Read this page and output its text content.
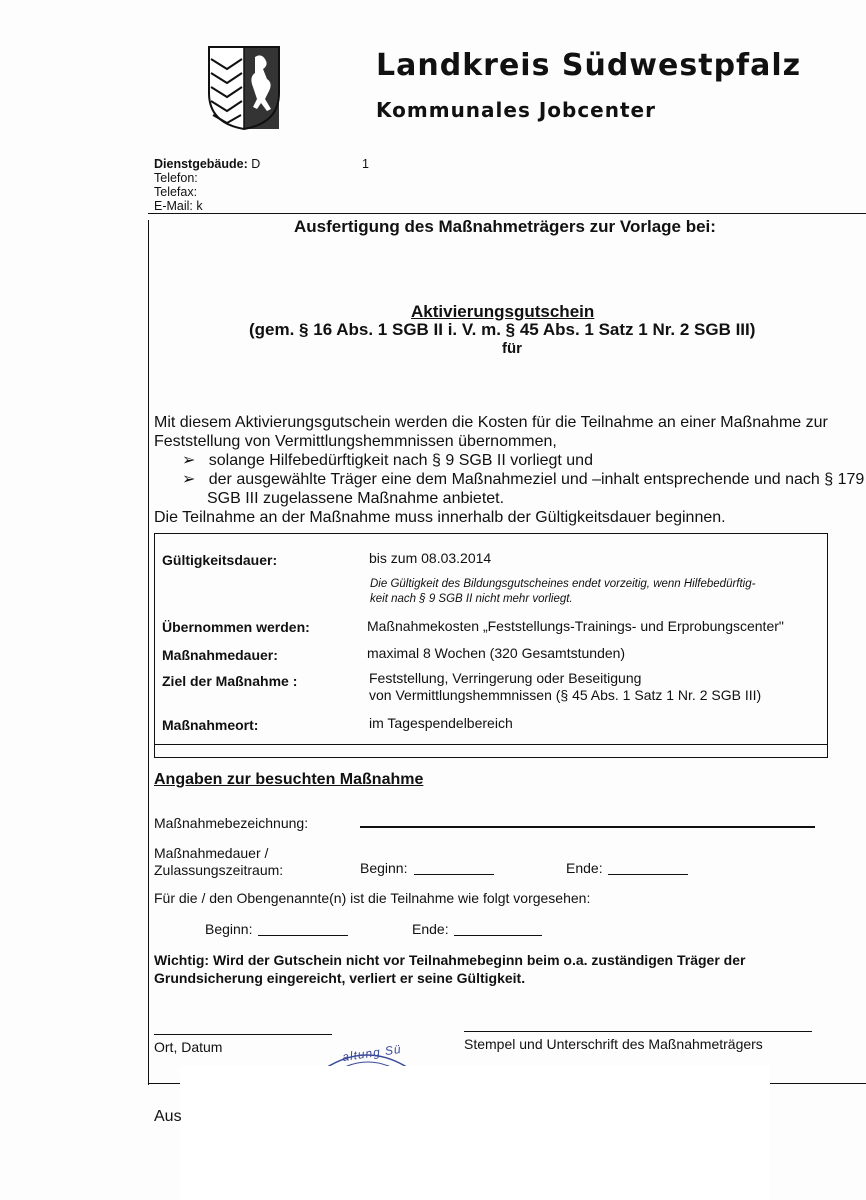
Landkreis Südwestpfalz
Kommunales Jobcenter
Dienstgebäude: D
Telefon:
Telefax:
E-Mail: k
1
Ausfertigung des Maßnahmeträgers zur Vorlage bei:
Aktivierungsgutschein
(gem. § 16 Abs. 1 SGB II i. V. m. § 45 Abs. 1 Satz 1 Nr. 2 SGB III)
für
Mit diesem Aktivierungsgutschein werden die Kosten für die Teilnahme an einer Maßnahme zur
Feststellung von Vermittlungshemmnissen übernommen,
➢ solange Hilfebedürftigkeit nach § 9 SGB II vorliegt und
➢ der ausgewählte Träger eine dem Maßnahmeziel und –inhalt entsprechende und nach § 179
SGB III zugelassene Maßnahme anbietet.
Die Teilnahme an der Maßnahme muss innerhalb der Gültigkeitsdauer beginnen.
Gültigkeitsdauer:	bis zum 08.03.2014
Die Gültigkeit des Bildungsgutscheines endet vorzeitig, wenn Hilfebedürftig-
keit nach § 9 SGB II nicht mehr vorliegt.
Übernommen werden:	Maßnahmekosten „Feststellungs-Trainings- und Erprobungscenter"
Maßnahmedauer:	maximal 8 Wochen (320 Gesamtstunden)
Ziel der Maßnahme :	Feststellung, Verringerung oder Beseitigung
von Vermittlungshemmnissen (§ 45 Abs. 1 Satz 1 Nr. 2 SGB III)
Maßnahmeort:	im Tagespendelbereich
Angaben zur besuchten Maßnahme
Maßnahmebezeichnung:
Maßnahmedauer /
Zulassungszeitraum:	Beginn:	Ende:
Für die / den Obengenannte(n) ist die Teilnahme wie folgt vorgesehen:
Beginn:	Ende:
Wichtig: Wird der Gutschein nicht vor Teilnahmebeginn beim o.a. zuständigen Träger der
Grundsicherung eingereicht, verliert er seine Gültigkeit.
Ort, Datum	Stempel und Unterschrift des Maßnahmeträgers
altung Sü
Aus
